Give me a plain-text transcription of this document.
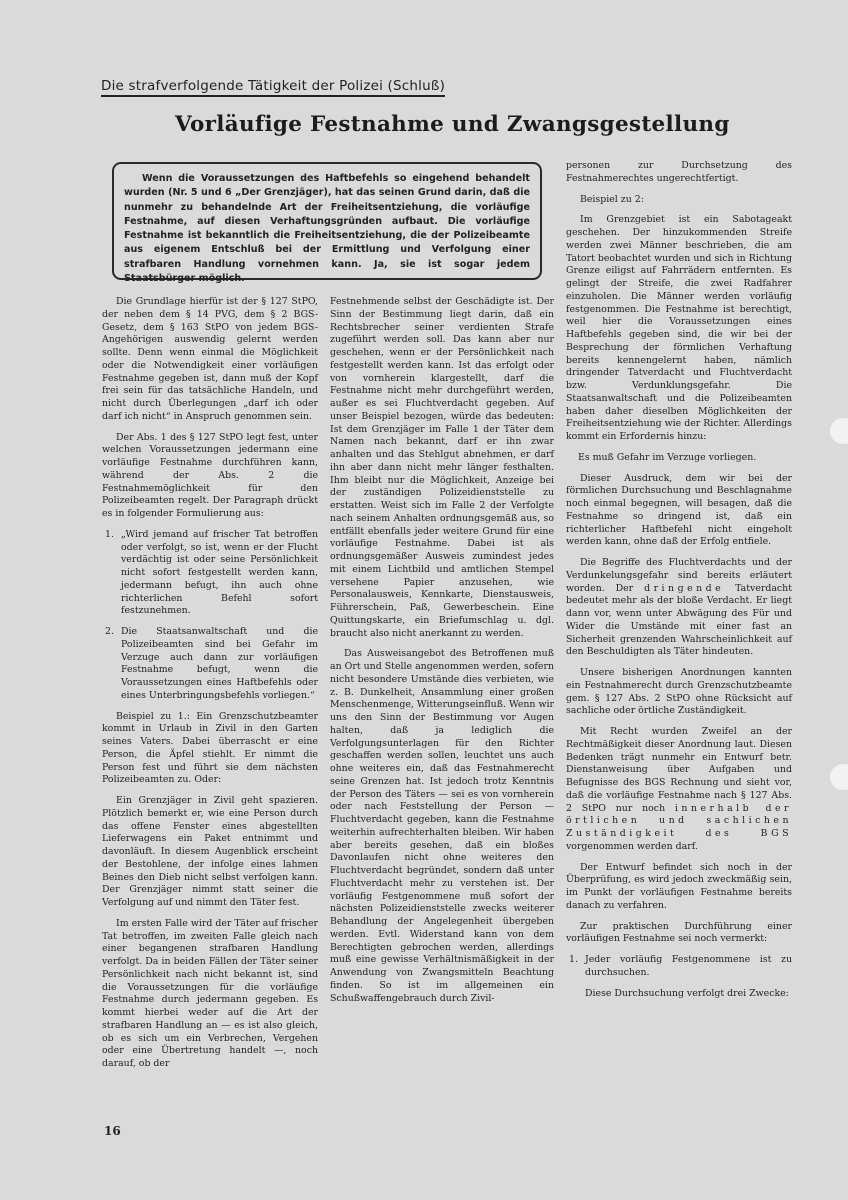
Die strafverfolgende Tätigkeit der Polizei (Schluß)
Vorläufige Festnahme und Zwangsgestellung

Wenn die Voraussetzungen des Haftbefehls so eingehend behandelt wurden (Nr. 5 und 6 „Der Grenzjäger), hat das seinen Grund darin, daß die nunmehr zu behandelnde Art der Freiheitsentziehung, die vorläufige Festnahme, auf diesen Verhaftungsgründen aufbaut. Die vorläufige Festnahme ist bekanntlich die Freiheitsentziehung, die der Polizeibeamte aus eigenem Entschluß bei der Ermittlung und Verfolgung einer strafbaren Handlung vornehmen kann. Ja, sie ist sogar jedem Staatsbürger möglich.

Die Grundlage hierfür ist der § 127 StPO, der neben dem § 14 PVG, dem § 2 BGS-Gesetz, dem § 163 StPO von jedem BGS-Angehörigen auswendig gelernt werden sollte. Denn wenn einmal die Möglichkeit oder die Notwendigkeit einer vorläufigen Festnahme gegeben ist, dann muß der Kopf frei sein für das tatsächliche Handeln, und nicht durch Überlegungen „darf ich oder darf ich nicht“ in Anspruch genommen sein.

Der Abs. 1 des § 127 StPO legt fest, unter welchen Voraussetzungen jedermann eine vorläufige Festnahme durchführen kann, während der Abs. 2 die Festnahmemöglichkeit für den Polizeibeamten regelt. Der Paragraph drückt es in folgender Formulierung aus:

1. „Wird jemand auf frischer Tat betroffen oder verfolgt, so ist, wenn er der Flucht verdächtig ist oder seine Persönlichkeit nicht sofort festgestellt werden kann, jedermann befugt, ihn auch ohne richterlichen Befehl sofort festzunehmen.
2. Die Staatsanwaltschaft und die Polizeibeamten sind bei Gefahr im Verzuge auch dann zur vorläufigen Festnahme befugt, wenn die Voraussetzungen eines Haftbefehls oder eines Unterbringungsbefehls vorliegen.“

Beispiel zu 1.: Ein Grenzschutzbeamter kommt in Urlaub in Zivil in den Garten seines Vaters. Dabei überrascht er eine Person, die Äpfel stiehlt. Er nimmt die Person fest und führt sie dem nächsten Polizeibeamten zu. Oder:

Ein Grenzjäger in Zivil geht spazieren. Plötzlich bemerkt er, wie eine Person durch das offene Fenster eines abgestellten Lieferwagens ein Paket entnimmt und davonläuft. In diesem Augenblick erscheint der Bestohlene, der infolge eines lahmen Beines den Dieb nicht selbst verfolgen kann. Der Grenzjäger nimmt statt seiner die Verfolgung auf und nimmt den Täter fest.

Im ersten Falle wird der Täter auf frischer Tat betroffen, im zweiten Falle gleich nach einer begangenen strafbaren Handlung verfolgt. Da in beiden Fällen der Täter seiner Persönlichkeit nach nicht bekannt ist, sind die Voraussetzungen für die vorläufige Festnahme durch jedermann gegeben. Es kommt hierbei weder auf die Art der strafbaren Handlung an — es ist also gleich, ob es sich um ein Verbrechen, Vergehen oder eine Übertretung handelt —, noch darauf, ob der

Festnehmende selbst der Geschädigte ist. Der Sinn der Bestimmung liegt darin, daß ein Rechtsbrecher seiner verdienten Strafe zugeführt werden soll. Das kann aber nur geschehen, wenn er der Persönlichkeit nach festgestellt werden kann. Ist das erfolgt oder von vornherein klargestellt, darf die Festnahme nicht mehr durchgeführt werden, außer es sei Fluchtverdacht gegeben. Auf unser Beispiel bezogen, würde das bedeuten: Ist dem Grenzjäger im Falle 1 der Täter dem Namen nach bekannt, darf er ihn zwar anhalten und das Stehlgut abnehmen, er darf ihn aber dann nicht mehr länger festhalten. Ihm bleibt nur die Möglichkeit, Anzeige bei der zuständigen Polizeidienststelle zu erstatten. Weist sich im Falle 2 der Verfolgte nach seinem Anhalten ordnungsgemäß aus, so entfällt ebenfalls jeder weitere Grund für eine vorläufige Festnahme. Dabei ist als ordnungsgemäßer Ausweis zumindest jedes mit einem Lichtbild und amtlichen Stempel versehene Papier anzusehen, wie Personalausweis, Kennkarte, Dienstausweis, Führerschein, Paß, Gewerbeschein. Eine Quittungskarte, ein Briefumschlag u. dgl. braucht also nicht anerkannt zu werden.

Das Ausweisangebot des Betroffenen muß an Ort und Stelle angenommen werden, sofern nicht besondere Umstände dies verbieten, wie z. B. Dunkelheit, Ansammlung einer großen Menschenmenge, Witterungseinfluß. Wenn wir uns den Sinn der Bestimmung vor Augen halten, daß ja lediglich die Verfolgungsunterlagen für den Richter geschaffen werden sollen, leuchtet uns auch ohne weiteres ein, daß das Festnahmerecht seine Grenzen hat. Ist jedoch trotz Kenntnis der Person des Täters — sei es von vornherein oder nach Feststellung der Person — Fluchtverdacht gegeben, kann die Festnahme weiterhin aufrechterhalten bleiben. Wir haben aber bereits gesehen, daß ein bloßes Davonlaufen nicht ohne weiteres den Fluchtverdacht begründet, sondern daß unter Fluchtverdacht mehr zu verstehen ist. Der vorläufig Festgenommene muß sofort der nächsten Polizeidienststelle zwecks weiterer Behandlung der Angelegenheit übergeben werden. Evtl. Widerstand kann von dem Berechtigten gebrochen werden, allerdings muß eine gewisse Verhältnismäßigkeit in der Anwendung von Zwangsmitteln Beachtung finden. So ist im allgemeinen ein Schußwaffengebrauch durch Zivil-

personen zur Durchsetzung des Festnahmerechtes ungerechtfertigt.

Beispiel zu 2:

Im Grenzgebiet ist ein Sabotageakt geschehen. Der hinzukommenden Streife werden zwei Männer beschrieben, die am Tatort beobachtet wurden und sich in Richtung Grenze eiligst auf Fahrrädern entfernten. Es gelingt der Streife, die zwei Radfahrer einzuholen. Die Männer werden vorläufig festgenommen. Die Festnahme ist berechtigt, weil hier die Voraussetzungen eines Haftbefehls gegeben sind, die wir bei der Besprechung der förmlichen Verhaftung bereits kennengelernt haben, nämlich dringender Tatverdacht und Fluchtverdacht bzw. Verdunklungsgefahr. Die Staatsanwaltschaft und die Polizeibeamten haben daher dieselben Möglichkeiten der Freiheitsentziehung wie der Richter. Allerdings kommt ein Erfordernis hinzu:

Es muß Gefahr im Verzuge vorliegen.

Dieser Ausdruck, dem wir bei der förmlichen Durchsuchung und Beschlagnahme noch einmal begegnen, will besagen, daß die Festnahme so dringend ist, daß ein richterlicher Haftbefehl nicht eingeholt werden kann, ohne daß der Erfolg entfiele.

Die Begriffe des Fluchtverdachts und der Verdunkelungsgefahr sind bereits erläutert worden. Der dringende Tatverdacht bedeutet mehr als der bloße Verdacht. Er liegt dann vor, wenn unter Abwägung des Für und Wider die Umstände mit einer fast an Sicherheit grenzenden Wahrscheinlichkeit auf den Beschuldigten als Täter hindeuten.

Unsere bisherigen Anordnungen kannten ein Festnahmerecht durch Grenzschutzbeamte gem. § 127 Abs. 2 StPO ohne Rücksicht auf sachliche oder örtliche Zuständigkeit.

Mit Recht wurden Zweifel an der Rechtmäßigkeit dieser Anordnung laut. Diesen Bedenken trägt nunmehr ein Entwurf betr. Dienstanweisung über Aufgaben und Befugnisse des BGS Rechnung und sieht vor, daß die vorläufige Festnahme nach § 127 Abs. 2 StPO nur noch innerhalb der örtlichen und sachlichen Zuständigkeit des BGS vorgenommen werden darf.

Der Entwurf befindet sich noch in der Überprüfung, es wird jedoch zweckmäßig sein, im Punkt der vorläufigen Festnahme bereits danach zu verfahren.

Zur praktischen Durchführung einer vorläufigen Festnahme sei noch vermerkt:

1. Jeder vorläufig Festgenommene ist zu durchsuchen.

Diese Durchsuchung verfolgt drei Zwecke:

16
